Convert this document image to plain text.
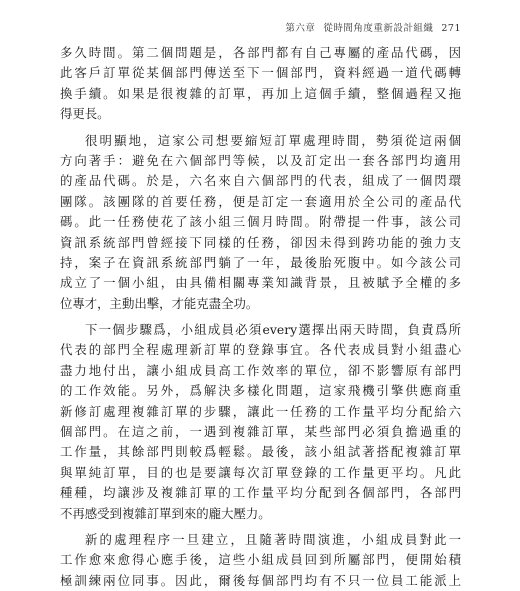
第六章 從時間角度重新設計組織 271
多久時間。第二個問題是，各部門都有自己專屬的產品代碼，因
此客戶訂單從某個部門傳送至下一個部門，資料經過一道代碼轉
換手續。如果是很複雜的訂單，再加上這個手續，整個過程又拖
得更長。
很明顯地，這家公司想要縮短訂單處理時間，勢須從這兩個
方向著手：避免在六個部門等候，以及訂定出一套各部門均適用
的產品代碼。於是，六名來自六個部門的代表，組成了一個閃環
團隊。該團隊的首要任務，便是訂定一套適用於全公司的產品代
碼。此一任務使花了該小組三個月時間。附帶提一件事，該公司
資訊系統部門曾經接下同樣的任務，卻因未得到跨功能的強力支
持，案子在資訊系統部門躺了一年，最後胎死腹中。如今該公司
成立了一個小組，由具備相關專業知識背景，且被賦予全權的多
位專才，主動出擊，才能克盡全功。
下一個步驟爲，小組成員必須every選擇出兩天時間，負責爲所
代表的部門全程處理新訂單的登錄事宜。各代表成員對小組盡心
盡力地付出，讓小組成員高工作效率的單位，卻不影響原有部門
的工作效能。另外，爲解決多樣化問題，這家飛機引擎供應商重
新修訂處理複雜訂單的步驟，讓此一任務的工作量平均分配給六
個部門。在這之前，一遇到複雜訂單，某些部門必須負擔過重的
工作量，其餘部門則較爲輕鬆。最後，該小組試著搭配複雜訂單
與單純訂單，目的也是要讓每次訂單登錄的工作量更平均。凡此
種種，均讓涉及複雜訂單的工作量平均分配到各個部門，各部門
不再感受到複雜訂單到來的龐大壓力。
新的處理程序一旦建立，且隨著時間演進，小組成員對此一
工作愈來愈得心應手後，這些小組成員回到所屬部門，便開始積
極訓練兩位同事。因此，爾後每個部門均有不只一位員工能派上
